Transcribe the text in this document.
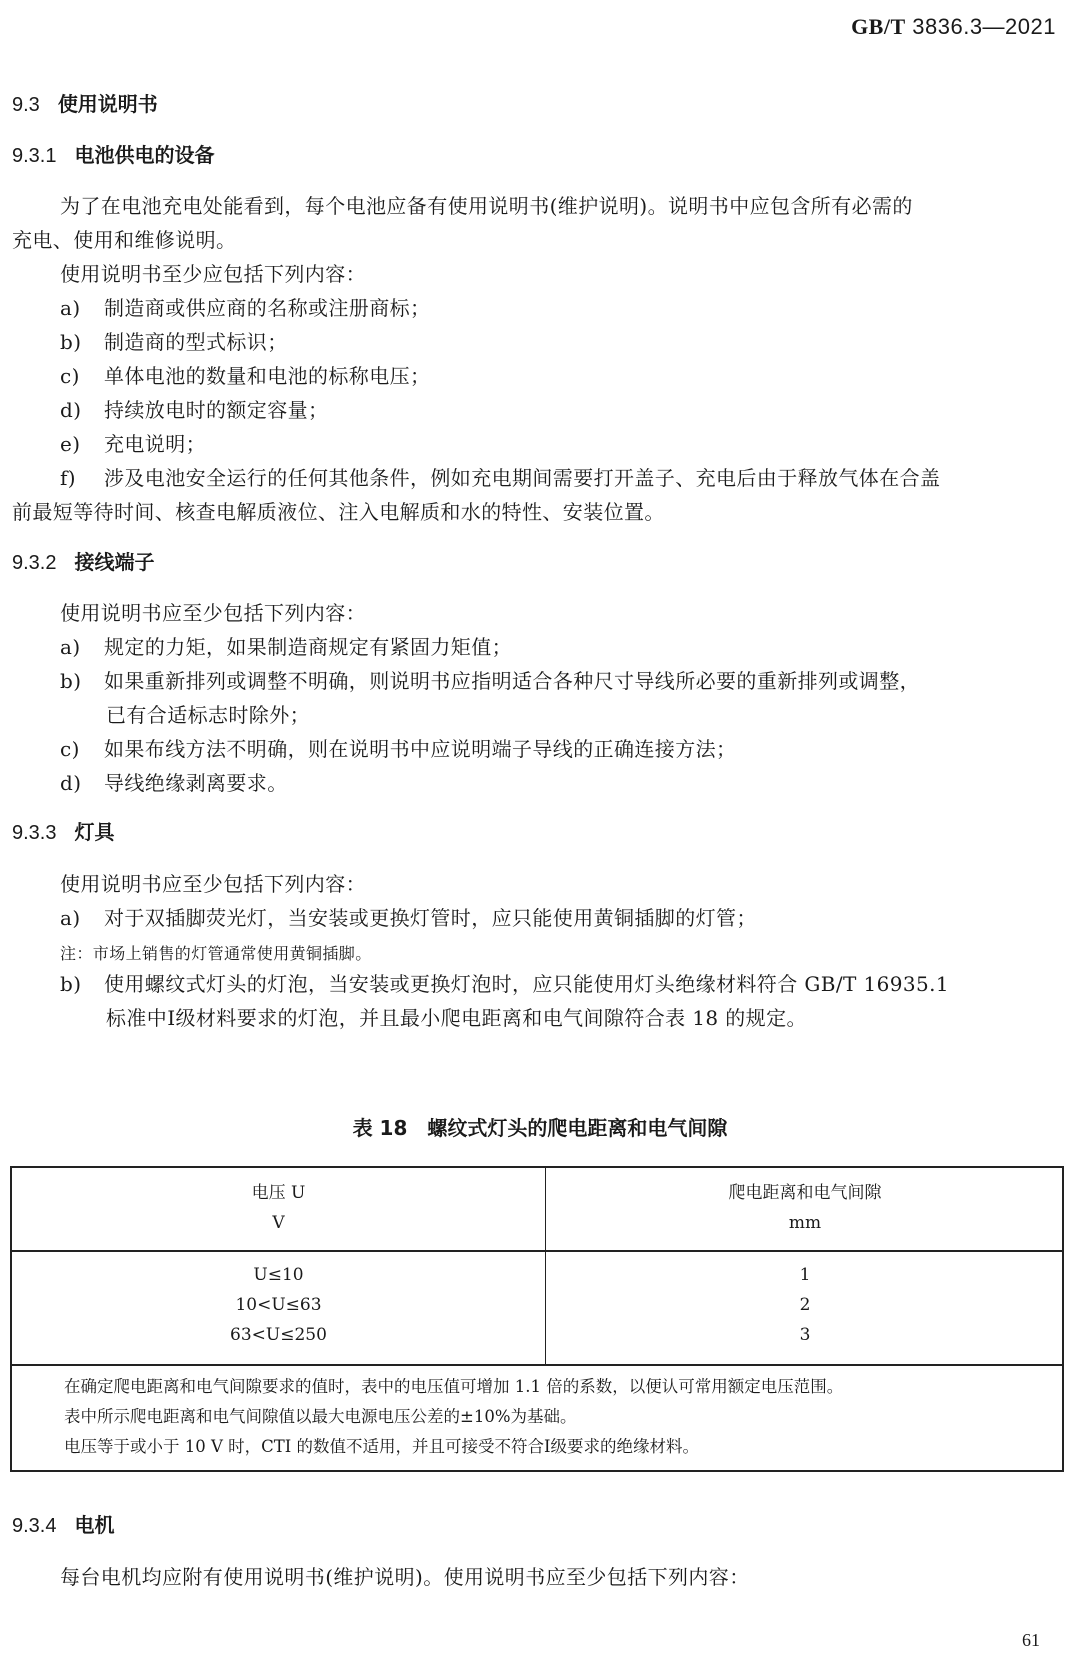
GB/T 3836.3—2021
9.3 使用说明书
9.3.1 电池供电的设备

为了在电池充电处能看到，每个电池应备有使用说明书(维护说明)。说明书中应包含所有必需的

充电、使用和维修说明。

使用说明书至少应包括下列内容：

a) 制造商或供应商的名称或注册商标；

b) 制造商的型式标识；

c) 单体电池的数量和电池的标称电压；

d) 持续放电时的额定容量；

e) 充电说明；

f) 涉及电池安全运行的任何其他条件，例如充电期间需要打开盖子、充电后由于释放气体在合盖

前最短等待时间、核查电解质液位、注入电解质和水的特性、安装位置。

9.3.2 接线端子

使用说明书应至少包括下列内容：

a) 规定的力矩，如果制造商规定有紧固力矩值；

b) 如果重新排列或调整不明确，则说明书应指明适合各种尺寸导线所必要的重新排列或调整，

已有合适标志时除外；

c) 如果布线方法不明确，则在说明书中应说明端子导线的正确连接方法；

d) 导线绝缘剥离要求。

9.3.3 灯具

使用说明书应至少包括下列内容：

a) 对于双插脚荧光灯，当安装或更换灯管时，应只能使用黄铜插脚的灯管；

注：市场上销售的灯管通常使用黄铜插脚。

b) 使用螺纹式灯头的灯泡，当安装或更换灯泡时，应只能使用灯头绝缘材料符合 GB/T 16935.1

标准中Ⅰ级材料要求的灯泡，并且最小爬电距离和电气间隙符合表 18 的规定。

表 18　螺纹式灯头的爬电距离和电气间隙
电压 U
V
爬电距离和电气间隙
mm
U≤10
10<U≤63
63<U≤250
1
2
3
在确定爬电距离和电气间隙要求的值时，表中的电压值可增加 1.1 倍的系数，以便认可常用额定电压范围。
表中所示爬电距离和电气间隙值以最大电源电压公差的±10%为基础。
电压等于或小于 10 V 时，CTI 的数值不适用，并且可接受不符合Ⅰ级要求的绝缘材料。
9.3.4 电机

每台电机均应附有使用说明书(维护说明)。使用说明书应至少包括下列内容：

61
